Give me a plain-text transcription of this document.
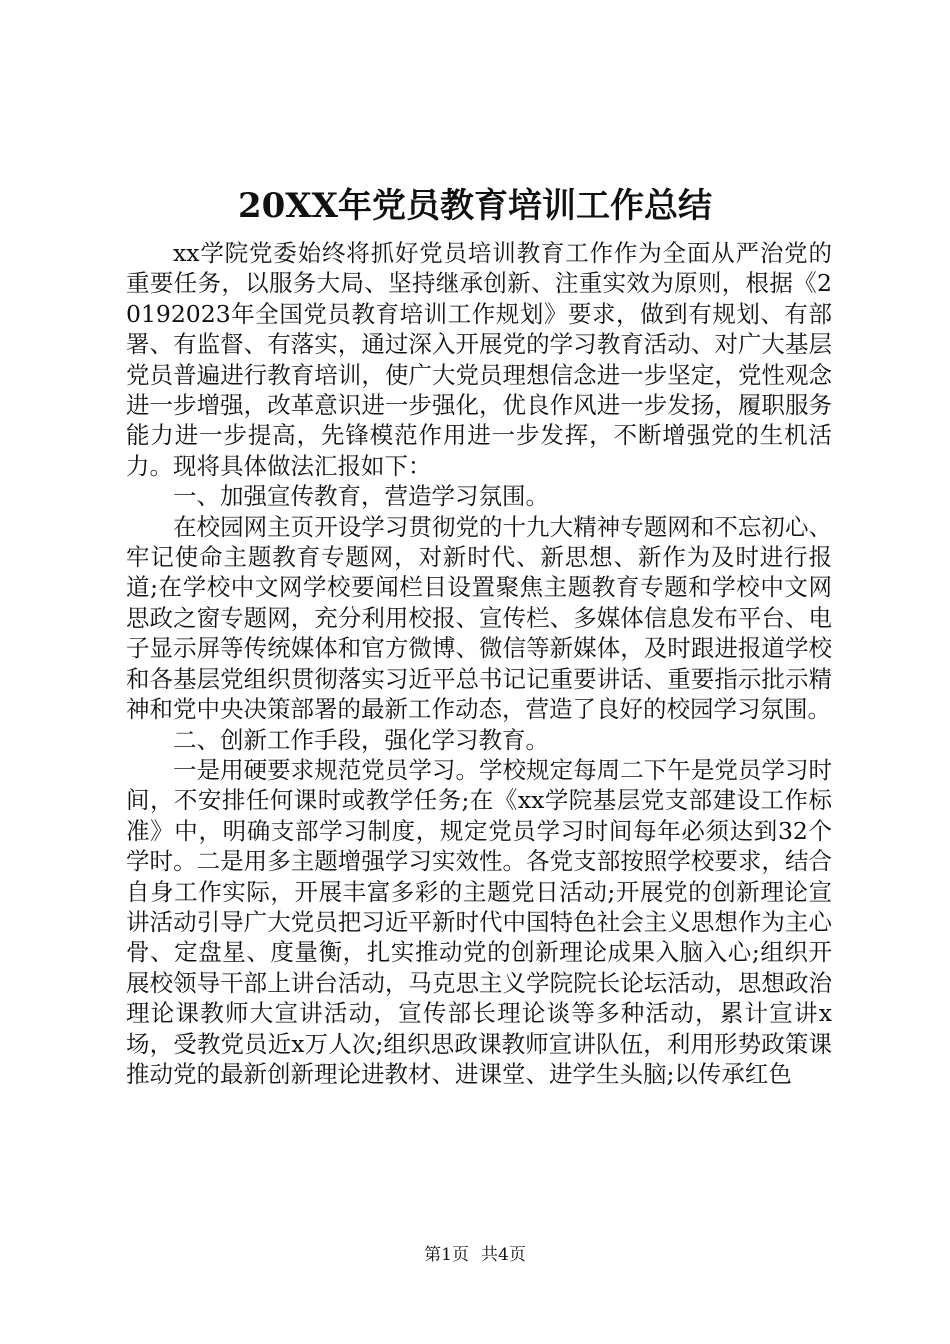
20XX年党员教育培训工作总结

xx学院党委始终将抓好党员培训教育工作作为全面从严治党的重要任务，以服务大局、坚持继承创新、注重实效为原则，根据《20192023年全国党员教育培训工作规划》要求，做到有规划、有部署、有监督、有落实，通过深入开展党的学习教育活动、对广大基层党员普遍进行教育培训，使广大党员理想信念进一步坚定，党性观念进一步增强，改革意识进一步强化，优良作风进一步发扬，履职服务能力进一步提高，先锋模范作用进一步发挥，不断增强党的生机活力。现将具体做法汇报如下：

一、加强宣传教育，营造学习氛围。

在校园网主页开设学习贯彻党的十九大精神专题网和不忘初心、牢记使命主题教育专题网，对新时代、新思想、新作为及时进行报道;在学校中文网学校要闻栏目设置聚焦主题教育专题和学校中文网思政之窗专题网，充分利用校报、宣传栏、多媒体信息发布平台、电子显示屏等传统媒体和官方微博、微信等新媒体，及时跟进报道学校和各基层党组织贯彻落实习近平总书记记重要讲话、重要指示批示精神和党中央决策部署的最新工作动态，营造了良好的校园学习氛围。

二、创新工作手段，强化学习教育。

一是用硬要求规范党员学习。学校规定每周二下午是党员学习时间，不安排任何课时或教学任务;在《xx学院基层党支部建设工作标准》中，明确支部学习制度，规定党员学习时间每年必须达到32个学时。二是用多主题增强学习实效性。各党支部按照学校要求，结合自身工作实际，开展丰富多彩的主题党日活动;开展党的创新理论宣讲活动引导广大党员把习近平新时代中国特色社会主义思想作为主心骨、定盘星、度量衡，扎实推动党的创新理论成果入脑入心;组织开展校领导干部上讲台活动，马克思主义学院院长论坛活动，思想政治理论课教师大宣讲活动，宣传部长理论谈等多种活动，累计宣讲x场，受教党员近x万人次;组织思政课教师宣讲队伍，利用形势政策课推动党的最新创新理论进教材、进课堂、进学生头脑;以传承红色

第1页 共4页
